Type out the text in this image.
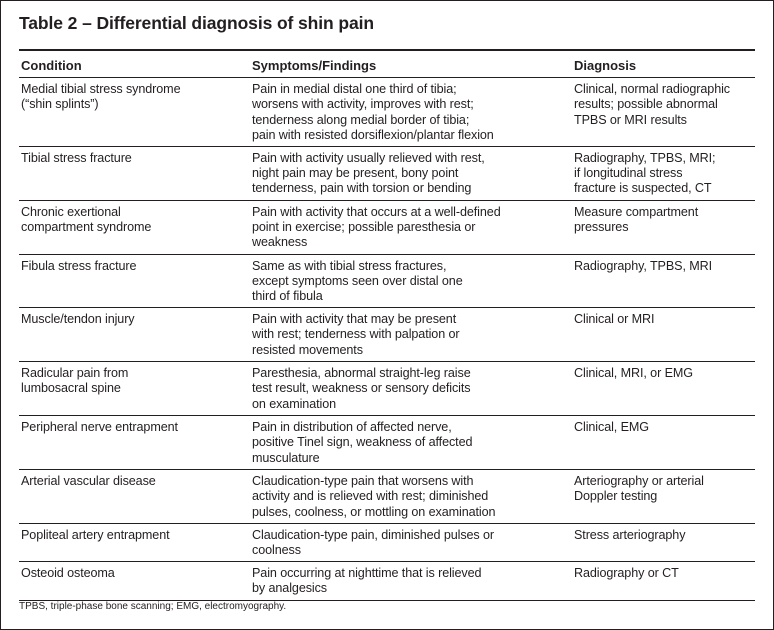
Table 2 – Differential diagnosis of shin pain
Condition	Symptoms/Findings	Diagnosis

Medial tibial stress syndrome
(“shin splints”)	Pain in medial distal one third of tibia;
worsens with activity, improves with rest;
tenderness along medial border of tibia;
pain with resisted dorsiflexion/plantar flexion	Clinical, normal radiographic
results; possible abnormal
TPBS or MRI results

Tibial stress fracture	Pain with activity usually relieved with rest,
night pain may be present, bony point
tenderness, pain with torsion or bending	Radiography, TPBS, MRI;
if longitudinal stress
fracture is suspected, CT

Chronic exertional
compartment syndrome	Pain with activity that occurs at a well-defined
point in exercise; possible paresthesia or
weakness	Measure compartment
pressures

Fibula stress fracture	Same as with tibial stress fractures,
except symptoms seen over distal one
third of fibula	Radiography, TPBS, MRI

Muscle/tendon injury	Pain with activity that may be present
with rest; tenderness with palpation or
resisted movements	Clinical or MRI

Radicular pain from
lumbosacral spine	Paresthesia, abnormal straight-leg raise
test result, weakness or sensory deficits
on examination	Clinical, MRI, or EMG

Peripheral nerve entrapment	Pain in distribution of affected nerve,
positive Tinel sign, weakness of affected
musculature	Clinical, EMG

Arterial vascular disease	Claudication-type pain that worsens with
activity and is relieved with rest; diminished
pulses, coolness, or mottling on examination	Arteriography or arterial
Doppler testing

Popliteal artery entrapment	Claudication-type pain, diminished pulses or
coolness	Stress arteriography

Osteoid osteoma	Pain occurring at nighttime that is relieved
by analgesics	Radiography or CT
TPBS, triple-phase bone scanning; EMG, electromyography.
